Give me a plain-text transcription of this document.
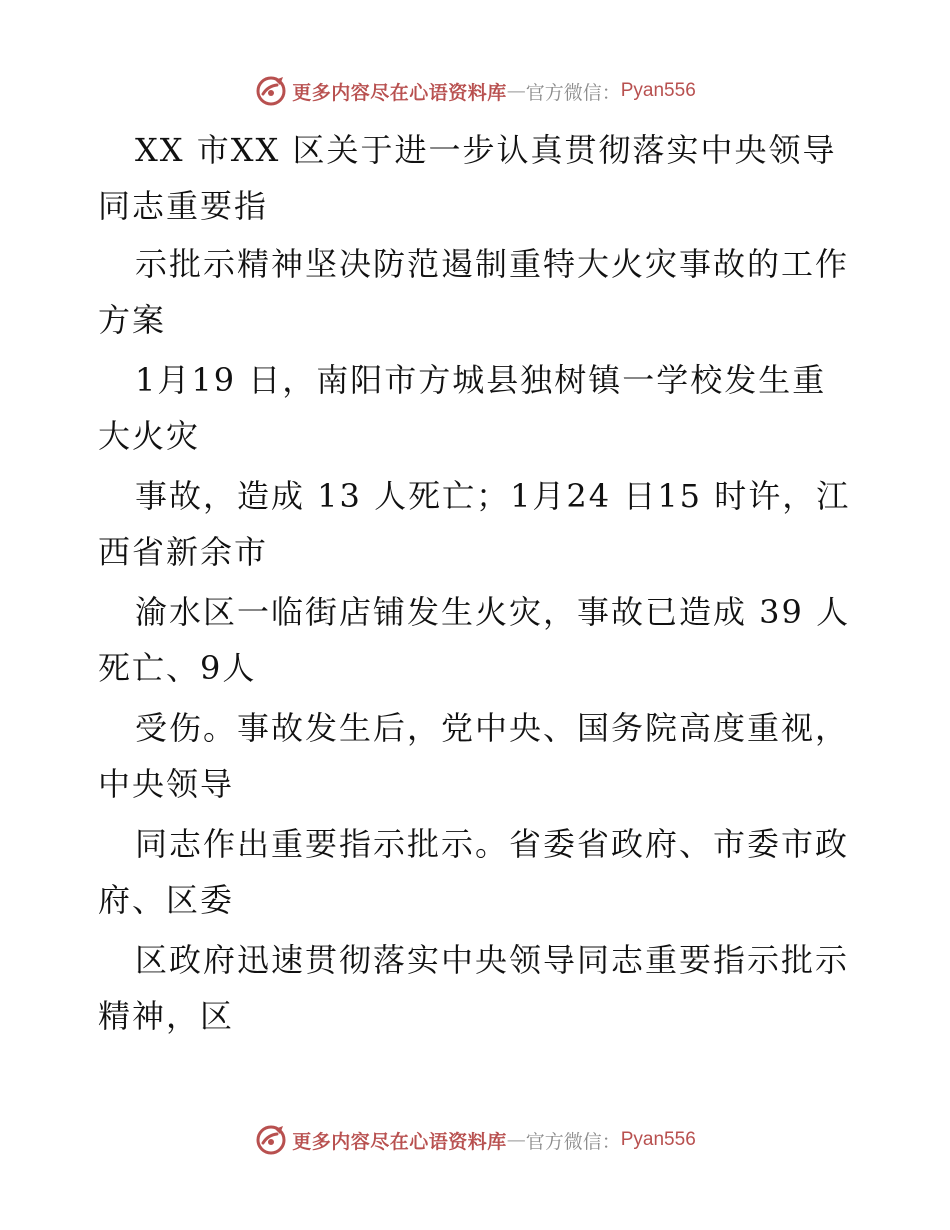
更多内容尽在心语资料库 — 官方微信： Pyan556
XX 市XX 区关于进一步认真贯彻落实中央领导
同志重要指
示批示精神坚决防范遏制重特大火灾事故的工作
方案
1月19 日，南阳市方城县独树镇一学校发生重
大火灾
事故，造成 13 人死亡；1月24 日15 时许，江
西省新余市
渝水区一临街店铺发生火灾，事故已造成 39 人
死亡、9人
受伤。事故发生后，党中央、国务院高度重视，
中央领导
同志作出重要指示批示。省委省政府、市委市政
府、区委
区政府迅速贯彻落实中央领导同志重要指示批示
精神，区
更多内容尽在心语资料库 — 官方微信： Pyan556
